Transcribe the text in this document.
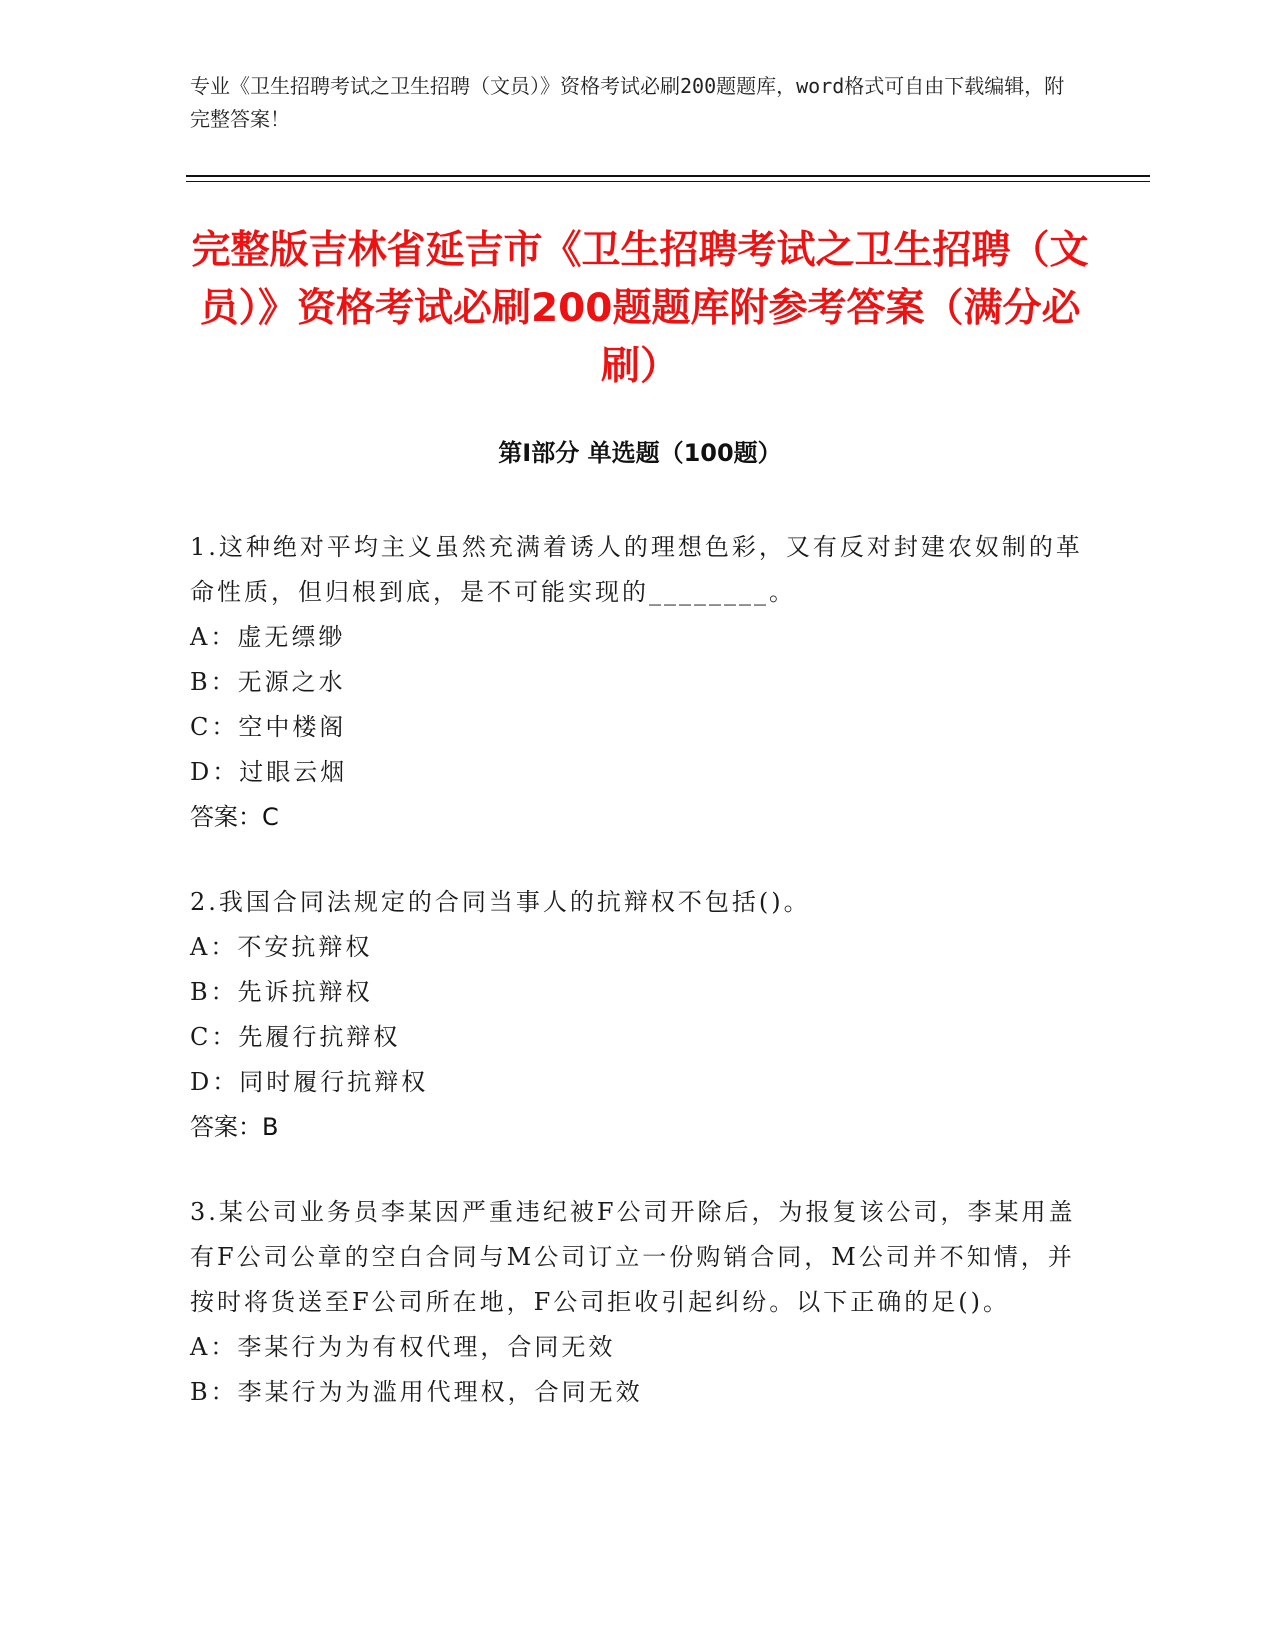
专业《卫生招聘考试之卫生招聘（文员）》资格考试必刷200题题库，word格式可自由下载编辑，附完整答案！
完整版吉林省延吉市《卫生招聘考试之卫生招聘（文员）》资格考试必刷200题题库附参考答案（满分必刷）
第Ⅰ部分 单选题（100题）
1.这种绝对平均主义虽然充满着诱人的理想色彩，又有反对封建农奴制的革命性质，但归根到底，是不可能实现的________。
A：虚无缥缈
B：无源之水
C：空中楼阁
D：过眼云烟
答案：C
2.我国合同法规定的合同当事人的抗辩权不包括()。
A：不安抗辩权
B：先诉抗辩权
C：先履行抗辩权
D：同时履行抗辩权
答案：B
3.某公司业务员李某因严重违纪被F公司开除后，为报复该公司，李某用盖有F公司公章的空白合同与M公司订立一份购销合同，M公司并不知情，并按时将货送至F公司所在地，F公司拒收引起纠纷。以下正确的足()。
A：李某行为为有权代理，合同无效
B：李某行为为滥用代理权，合同无效
